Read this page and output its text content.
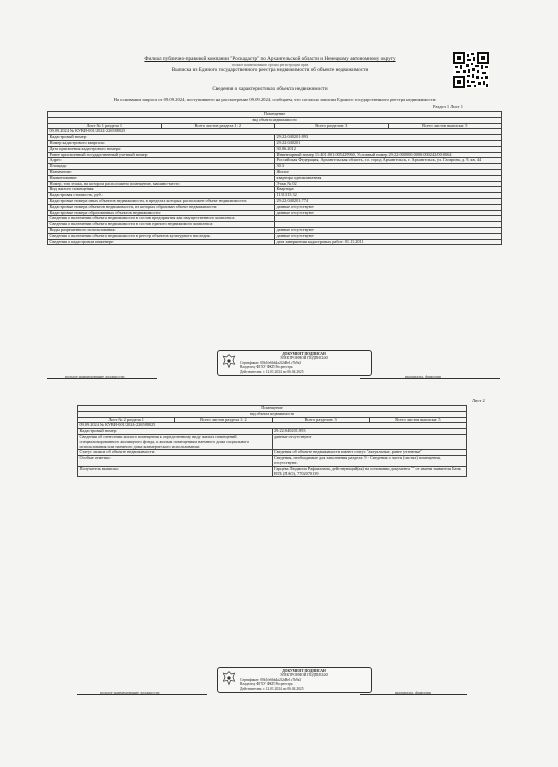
Филиал публично-правовой компании "Роскадастр" по Архангельской области и Ненецкому автономному округу
полное наименование органа регистрации прав
Выписка из Единого государственного реестра недвижимости об объекте недвижимости
Сведения о характеристиках объекта недвижимости
На основании запроса от 09.09.2024, поступившего на рассмотрение 09.09.2024, сообщаем, что согласно записям Единого государственного реестра недвижимости:
Раздел 1 Лист 1
Помещение			
вид объекта недвижимости			
Лист № 1 раздела 1	Всего листов раздела 1: 2	Всего разделов: 3	Всего листов выписки: 5
09.09.2024 № КУВИ-001/2024-226588025			
Кадастровый номер:		29:22:040201:893	
Номер кадастрового квартала:		29:22:040201	
Дата присвоения кадастрового номера:		30.06.2012	
Ранее присвоенный государственный учетный номер:		Инвентарный номер 11:401:001:005429960, Условный номер 29:22:000000:0000:000242/00:0064	
Адрес:		Российская Федерация, Архангельская область, г.о. город Архангельск, г. Архангельск, ул. Гагарина, д. 9, кв. 44	
Площадь:		30.3	
Назначение:		Жилое	
Наименование:		квартира однокомнатная	
Номер, тип этажа, на котором расположено помещение, машино-место		Этаж № 02	
Вид жилого помещения:		Квартира	
Кадастровая стоимость, руб.:		1131315.32	
Кадастровые номера иных объектов недвижимости, в пределах которых расположен объект недвижимости:		29:22:040201:774	
Кадастровые номера объектов недвижимости, из которых образован объект недвижимости:		данные отсутствуют	
Кадастровые номера образованных объектов недвижимости:		данные отсутствуют	
Сведения о включении объекта недвижимости в состав предприятия как имущественного комплекса:			
Сведения о включении объекта недвижимости в состав единого недвижимого комплекса:			
Виды разрешенного использования:		данные отсутствуют	
Сведения о включении объекта недвижимости в реестр объектов культурного наследия:		данные отсутствуют	
Сведения о кадастровом инженере:		дата завершения кадастровых работ: 01.11.2011	
полное наименование должности	инициалы, фамилия
ДОКУМЕНТ ПОДПИСАН
ЭЛЕКТРОННОЙ ПОДПИСЬЮ
Сертификат: 00b1fe6bb4a2f2d8e1c7b9a3
Владелец: ФГБУ ФКП Росреестра
Действителен: с 12.01.2024 по 06.04.2025
Лист 2
Помещение			
вид объекта недвижимости			
Лист № 2 раздела 1	Всего листов раздела 1: 2	Всего разделов: 3	Всего листов выписки: 5
09.09.2024 № КУВИ-001/2024-226588025			
Кадастровый номер:		29:22:040201:893	
Сведения об отнесении жилого помещения к определенному виду жилых помещений специализированного жилищного фонда, к жилым помещениям наемного дома социального использования или наемного дома коммерческого использования:		данные отсутствуют	
Статус записи об объекте недвижимости:		Сведения об объекте недвижимости имеют статус "актуальные, ранее учтенные"	
Особые отметки:		Сведения, необходимые для заполнения раздела: 9 - Сведения о части (частях) помещения, отсутствуют.	
Получатель выписки:		Гарцева Людмила Рафаиловна, действующий(ая) на основании документа "" от имени заявителя Банк ВТБ (ПАО), 7702070139	
ДОКУМЕНТ ПОДПИСАН
ЭЛЕКТРОННОЙ ПОДПИСЬЮ
Сертификат: 00b1fe6bb4a2f2d8e1c7b9a3
Владелец: ФГБУ ФКП Росреестра
Действителен: с 12.01.2024 по 06.04.2025
полное наименование должности	инициалы, фамилия
